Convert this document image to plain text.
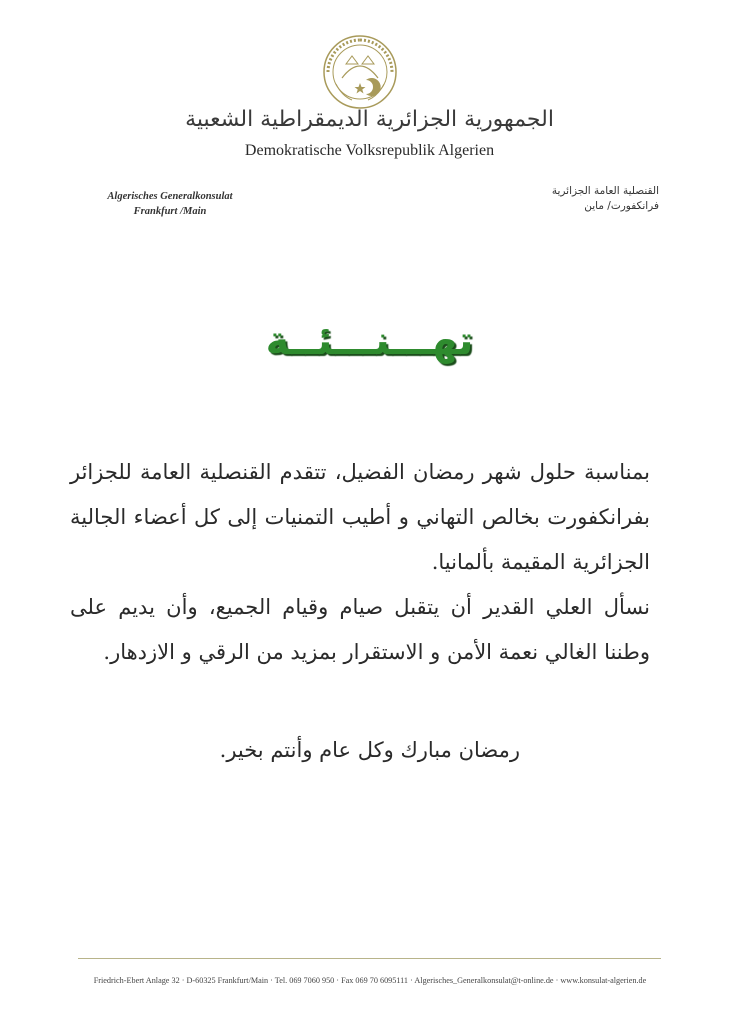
الجمهورية الجزائرية الديمقراطية الشعبية
Demokratische Volksrepublik Algerien
Algerisches Generalkonsulat
Frankfurt /Main
القنصلية العامة الجزائرية
فرانكفورت/ ماين
تهـــنـــئــة

بمناسبة حلول شهر رمضان الفضيل، تتقدم القنصلية العامة للجزائر بفرانكفورت بخالص التهاني و أطيب التمنيات إلى كل أعضاء الجالية الجزائرية المقيمة بألمانيا.

نسأل العلي القدير أن يتقبل صيام وقيام الجميع، وأن يديم على وطننا الغالي نعمة الأمن و الاستقرار بمزيد من الرقي و الازدهار.

رمضان مبارك وكل عام وأنتم بخير.
Friedrich-Ebert Anlage 32 · D-60325 Frankfurt/Main · Tel. 069 7060 950 · Fax 069 70 6095111 · Algerisches_Generalkonsulat@t-online.de · www.konsulat-algerien.de
